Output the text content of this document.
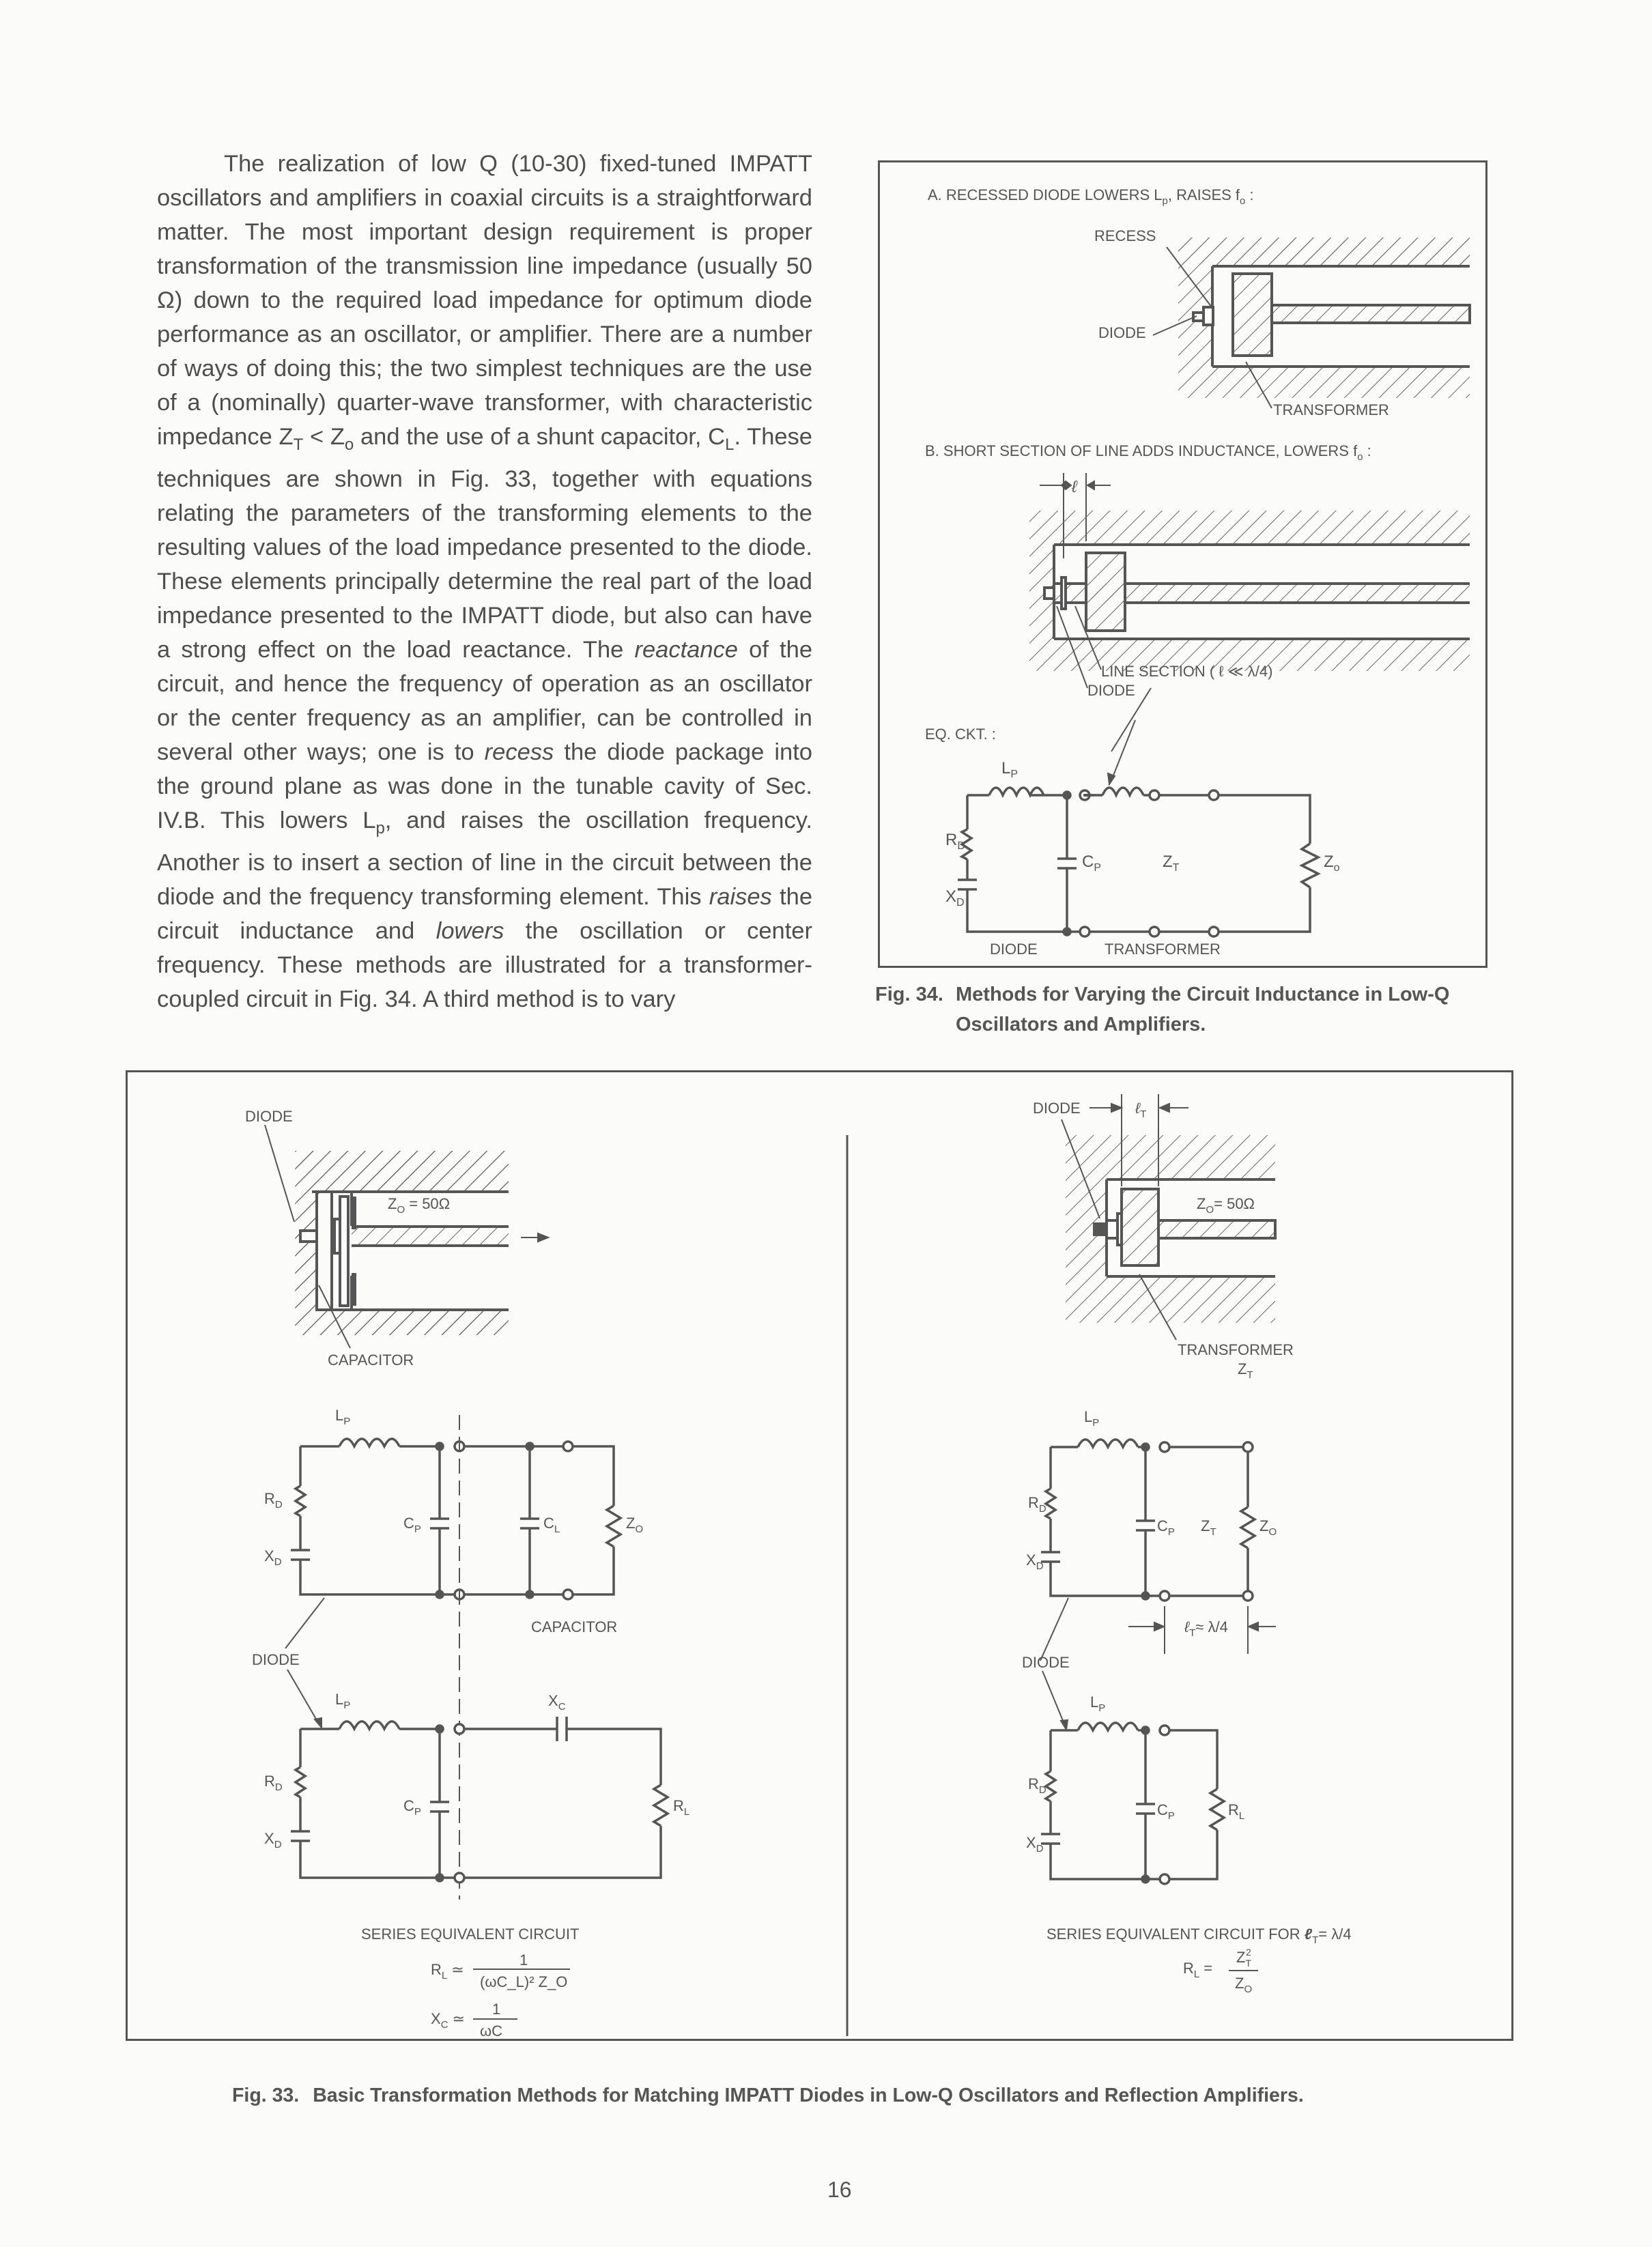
The realization of low Q (10-30) fixed-tuned IMPATT oscillators and amplifiers in coaxial circuits is a straightforward matter. The most important design requirement is proper transformation of the transmission line impedance (usually 50 Ω) down to the required load impedance for optimum diode performance as an oscillator, or amplifier. There are a number of ways of doing this; the two simplest techniques are the use of a (nominally) quarter-wave transformer, with characteristic impedance $Z_T < Z_o$ and the use of a shunt capacitor, $C_L$. These techniques are shown in Fig. 33, together with equations relating the parameters of the transforming elements to the resulting values of the load impedance presented to the diode. These elements principally determine the real part of the load impedance presented to the IMPATT diode, but also can have a strong effect on the load reactance. The reactance of the circuit, and hence the frequency of operation as an oscillator or the center frequency as an amplifier, can be controlled in several other ways; one is to recess the diode package into the ground plane as was done in the tunable cavity of Sec. IV.B. This lowers $L_p$, and raises the oscillation frequency. Another is to insert a section of line in the circuit between the diode and the frequency transforming element. This raises the circuit inductance and lowers the oscillation or center frequency. These methods are illustrated for a transformer-coupled circuit in Fig. 34. A third method is to vary

A. RECESSED DIODE LOWERS $L_p$, RAISES $f_o$ :
RECESS
DIODE
TRANSFORMER
B. SHORT SECTION OF LINE ADDS INDUCTANCE, LOWERS $f_o$ :
ℓ
LINE SECTION ( ℓ ≪ λ/4)
DIODE
EQ. CKT. :
$L_P$
$R_D$
$X_D$
$C_P$	$Z_T$	$Z_o$
DIODE	TRANSFORMER
Fig. 34. Methods for Varying the Circuit Inductance in Low-Q Oscillators and Amplifiers.
DIODE
$Z_O = 50\Omega$
CAPACITOR
$L_P$
$R_D$
$X_D$
$C_P$	$C_L$	$Z_O$
CAPACITOR
DIODE
$L_P$
$R_D$
$X_D$
$C_P$
$X_C$
$R_L$
SERIES EQUIVALENT CIRCUIT
$R_L$ ≃
1
(ωC_L)² Z_O
$X_C$ ≃
1
ωC
DIODE	ℓ$_T$
$Z_O= 50\Omega$
TRANSFORMER
$Z_T$
$L_P$
$R_D$
$X_D$
$C_P$ $Z_T$	$Z_O$
ℓ$_T$≈ λ/4
DIODE
$L_P$
$R_D$
$X_D$
$C_P$	$R_L$
SERIES EQUIVALENT CIRCUIT FOR ℓ$_T$= λ/4
$R_L$ =
$Z_T2$
$Z_O$
Fig. 33. Basic Transformation Methods for Matching IMPATT Diodes in Low-Q Oscillators and Reflection Amplifiers.
16
